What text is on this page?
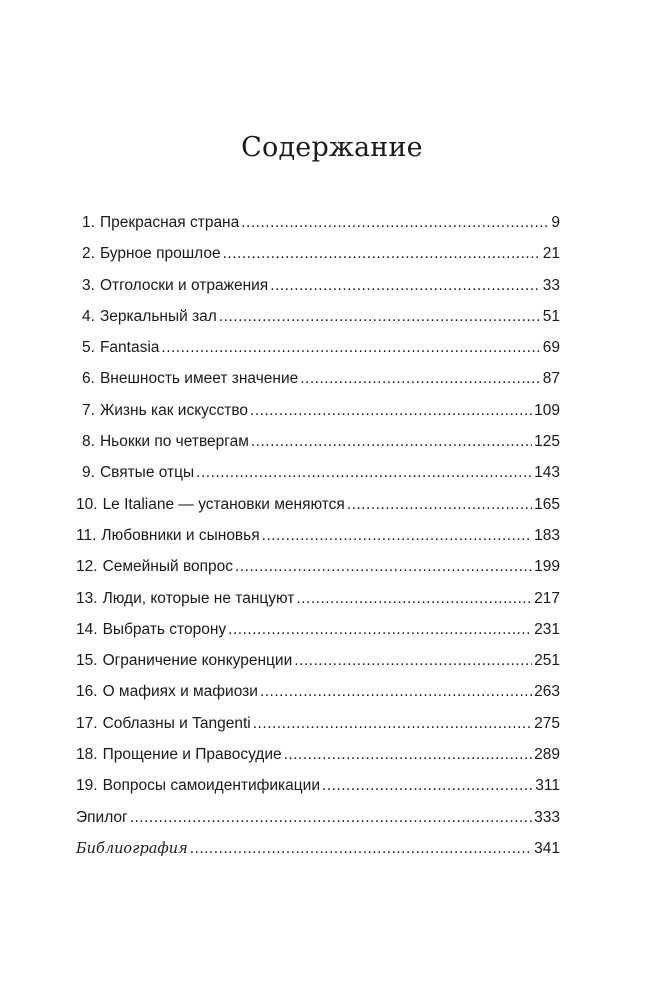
Содержание
1. Прекрасная страна .....	9
2. Бурное прошлое .....	21
3. Отголоски и отражения .....	33
4. Зеркальный зал .....	51
5. Fantasia .....	69
6. Внешность имеет значение .....	87
7. Жизнь как искусство .....	109
8. Ньокки по четвергам .....	125
9. Святые отцы .....	143
10. Le Italiane — установки меняются .....	165
11. Любовники и сыновья .....	183
12. Семейный вопрос .....	199
13. Люди, которые не танцуют .....	217
14. Выбрать сторону .....	231
15. Ограничение конкуренции .....	251
16. О мафиях и мафиози .....	263
17. Соблазны и Tangenti .....	275
18. Прощение и Правосудие .....	289
19. Вопросы самоидентификации .....	311
Эпилог .....	333
Библиография .....	341
